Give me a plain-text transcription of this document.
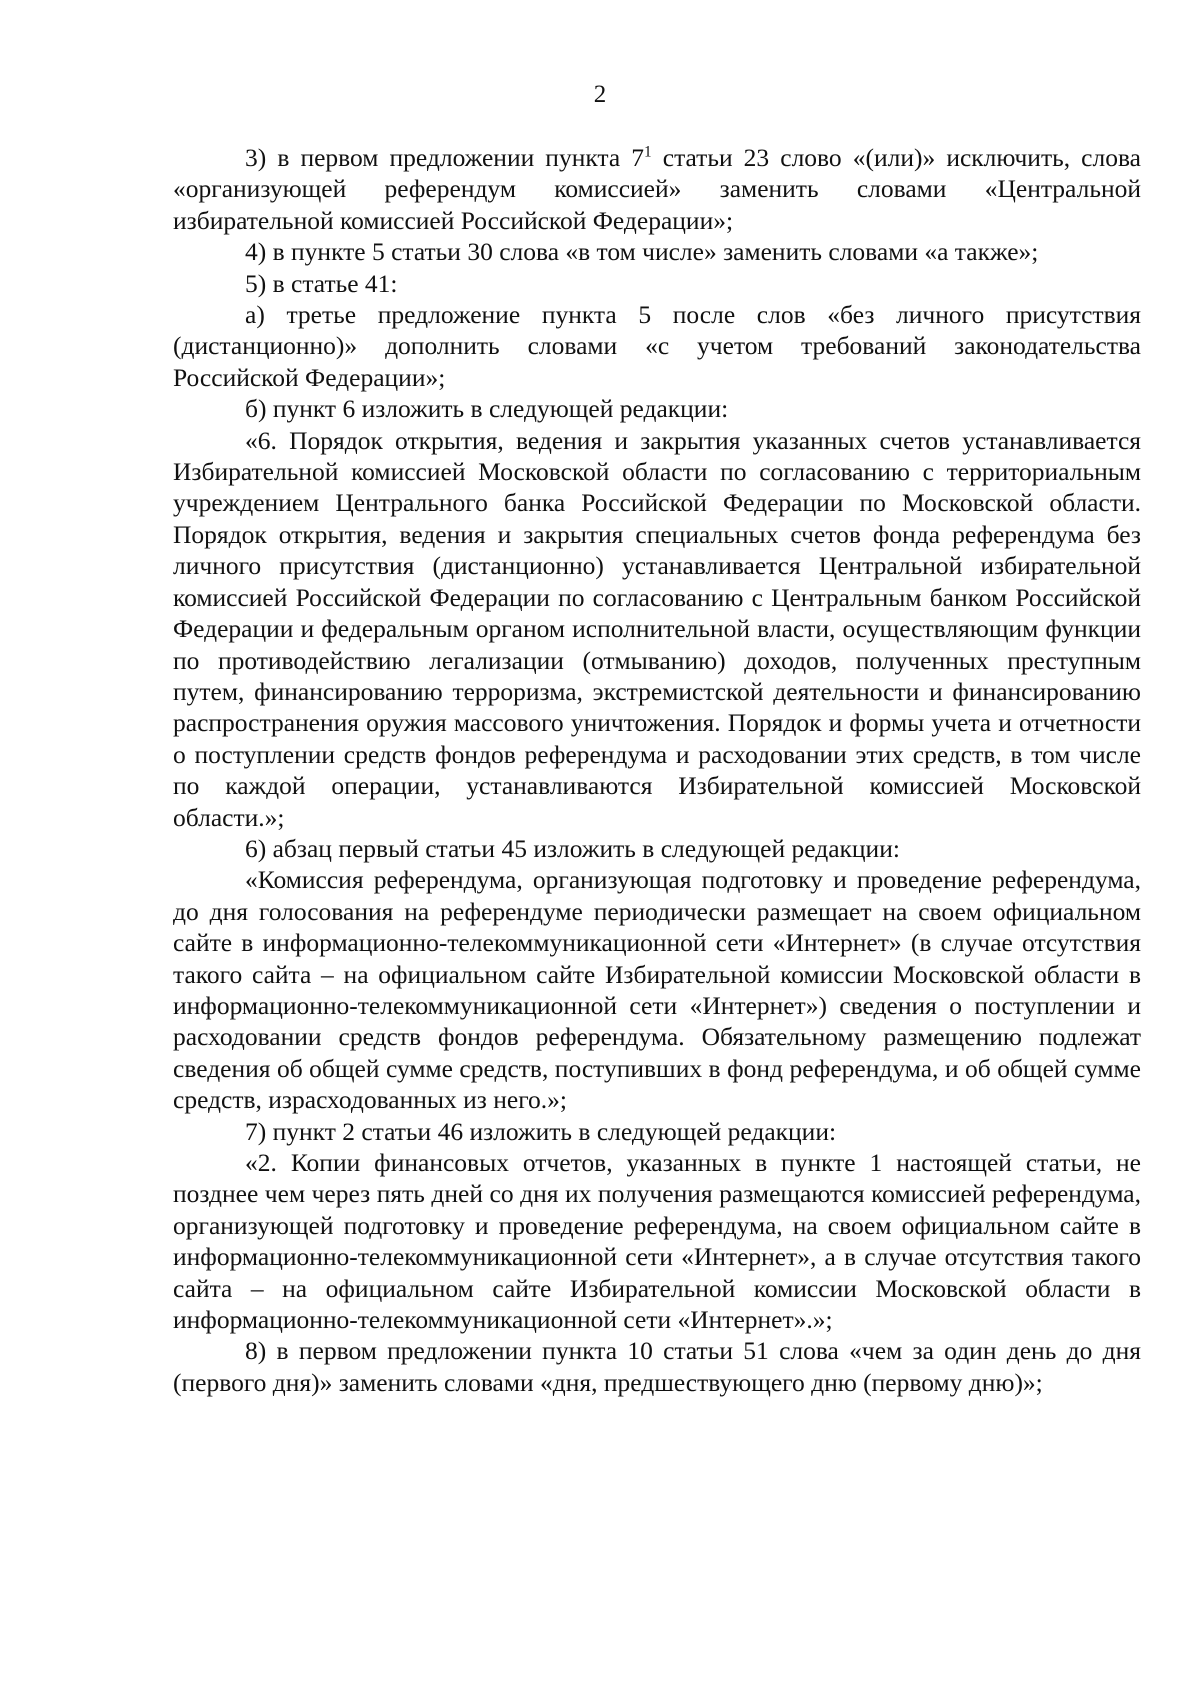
2

3) в первом предложении пункта $7^1$ статьи 23 слово «(или)» исключить, слова «организующей референдум комиссией» заменить словами «Центральной избирательной комиссией Российской Федерации»;

4) в пункте 5 статьи 30 слова «в том числе» заменить словами «а также»;

5) в статье 41:

а) третье предложение пункта 5 после слов «без личного присутствия (дистанционно)» дополнить словами «с учетом требований законодательства Российской Федерации»;

б) пункт 6 изложить в следующей редакции:

«6. Порядок открытия, ведения и закрытия указанных счетов устанавливается Избирательной комиссией Московской области по согласованию с территориальным учреждением Центрального банка Российской Федерации по Московской области. Порядок открытия, ведения и закрытия специальных счетов фонда референдума без личного присутствия (дистанционно) устанавливается Центральной избирательной комиссией Российской Федерации по согласованию с Центральным банком Российской Федерации и федеральным органом исполнительной власти, осуществляющим функции по противодействию легализации (отмыванию) доходов, полученных преступным путем, финансированию терроризма, экстремистской деятельности и финансированию распространения оружия массового уничтожения. Порядок и формы учета и отчетности о поступлении средств фондов референдума и расходовании этих средств, в том числе по каждой операции, устанавливаются Избирательной комиссией Московской области.»;

6) абзац первый статьи 45 изложить в следующей редакции:

«Комиссия референдума, организующая подготовку и проведение референдума, до дня голосования на референдуме периодически размещает на своем официальном сайте в информационно-телекоммуникационной сети «Интернет» (в случае отсутствия такого сайта – на официальном сайте Избирательной комиссии Московской области в информационно-телекоммуникационной сети «Интернет») сведения о поступлении и расходовании средств фондов референдума. Обязательному размещению подлежат сведения об общей сумме средств, поступивших в фонд референдума, и об общей сумме средств, израсходованных из него.»;

7) пункт 2 статьи 46 изложить в следующей редакции:

«2. Копии финансовых отчетов, указанных в пункте 1 настоящей статьи, не позднее чем через пять дней со дня их получения размещаются комиссией референдума, организующей подготовку и проведение референдума, на своем официальном сайте в информационно-телекоммуникационной сети «Интернет», а в случае отсутствия такого сайта – на официальном сайте Избирательной комиссии Московской области в информационно-телекоммуникационной сети «Интернет».»;

8) в первом предложении пункта 10 статьи 51 слова «чем за один день до дня (первого дня)» заменить словами «дня, предшествующего дню (первому дню)»;
